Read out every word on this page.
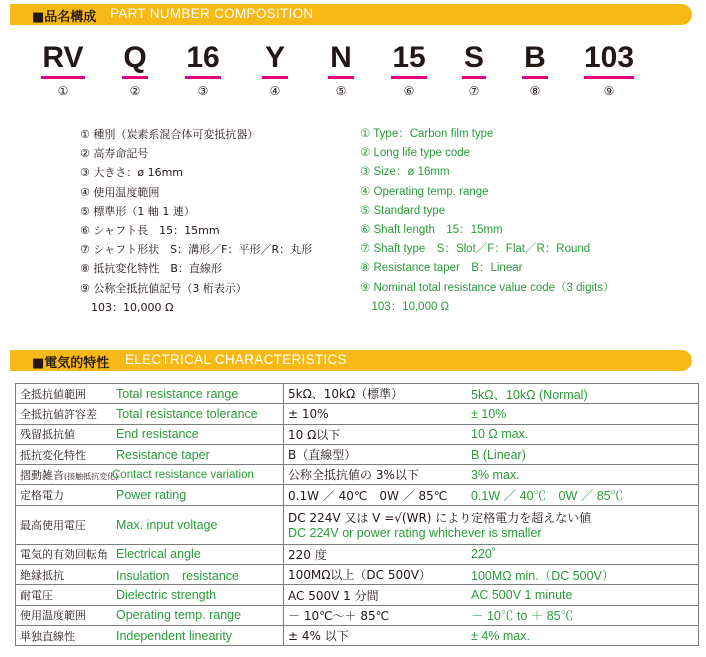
■品名構成 PART NUMBER COMPOSITION
RV
①
Q
②
16
③
Y
④
N
⑤
15
⑥
S
⑦
B
⑧
103
⑨
① 種別（炭素系混合体可変抵抗器）
② 高寿命記号
③ 大きさ：ø 16mm
④ 使用温度範囲
⑤ 標準形（1 軸 1 連）
⑥ シャフト長　15：15mm
⑦ シャフト形状　S：溝形／F：平形／R：丸形
⑧ 抵抗変化特性　B：直線形
⑨ 公称全抵抗値記号（3 桁表示）
　103：10,000 Ω
① Type：Carbon film type
② Long life type code
③ Size：ø 16mm
④ Operating temp. range
⑤ Standard type
⑥ Shaft length　15：15mm
⑦ Shaft type　S：Slot／F：Flat／R：Round
⑧ Resistance taper　B：Linear
⑨ Nominal total resistance value code（3 digits）
　103：10,000 Ω
■電気的特性 ELECTRICAL CHARACTERISTICS
全抵抗値範囲	Total resistance range	5kΩ、10kΩ（標準）	5kΩ、10kΩ (Normal)
全抵抗値許容差	Total resistance tolerance	± 10%	± 10%
残留抵抗値	End resistance	10 Ω以下	10 Ω max.
抵抗変化特性	Resistance taper	B（直線型）	B (Linear)
摺動雑音(接触抵抗変化)	Contact resistance variation	公称全抵抗値の 3%以下	3% max.
定格電力	Power rating	0.1W ／ 40℃　0W ／ 85℃	0.1W ／ 40℃　0W ／ 85℃
最高使用電圧	Max. input voltage	DC 224V 又は V =√(WR) により定格電力を超えない値
DC 224V or power rating whichever is smaller	

電気的有効回転角	Electrical angle	220 度	220˚
絶縁抵抗	Insulation　resistance	100MΩ以上（DC 500V）	100MΩ min.（DC 500V）
耐電圧	Dielectric strength	AC 500V 1 分間	AC 500V 1 minute
使用温度範囲	Operating temp. range	－ 10℃～＋ 85℃	－ 10℃ to ＋ 85℃
単独直線性	Independent linearity	± 4% 以下	± 4% max.
